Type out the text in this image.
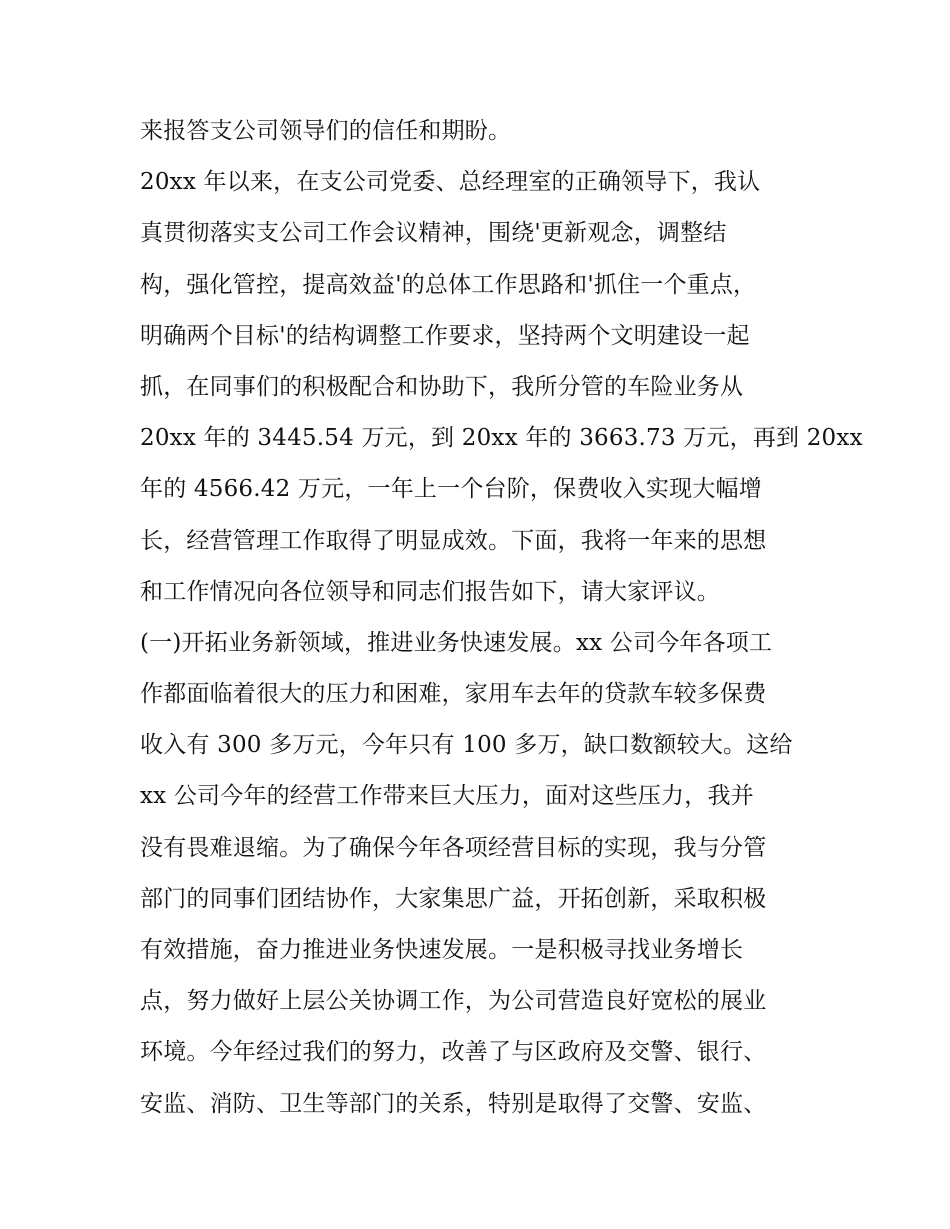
来报答支公司领导们的信任和期盼。
20xx 年以来，在支公司党委、总经理室的正确领导下，我认
真贯彻落实支公司工作会议精神，围绕'更新观念，调整结
构，强化管控，提高效益'的总体工作思路和'抓住一个重点，
明确两个目标'的结构调整工作要求，坚持两个文明建设一起
抓，在同事们的积极配合和协助下，我所分管的车险业务从
20xx 年的 3445.54 万元，到 20xx 年的 3663.73 万元，再到 20xx
年的 4566.42 万元，一年上一个台阶，保费收入实现大幅增
长，经营管理工作取得了明显成效。下面，我将一年来的思想
和工作情况向各位领导和同志们报告如下，请大家评议。
(一)开拓业务新领域，推进业务快速发展。xx 公司今年各项工
作都面临着很大的压力和困难，家用车去年的贷款车较多保费
收入有 300 多万元，今年只有 100 多万，缺口数额较大。这给
xx 公司今年的经营工作带来巨大压力，面对这些压力，我并
没有畏难退缩。为了确保今年各项经营目标的实现，我与分管
部门的同事们团结协作，大家集思广益，开拓创新，采取积极
有效措施，奋力推进业务快速发展。一是积极寻找业务增长
点，努力做好上层公关协调工作，为公司营造良好宽松的展业
环境。今年经过我们的努力，改善了与区政府及交警、银行、
安监、消防、卫生等部门的关系，特别是取得了交警、安监、
